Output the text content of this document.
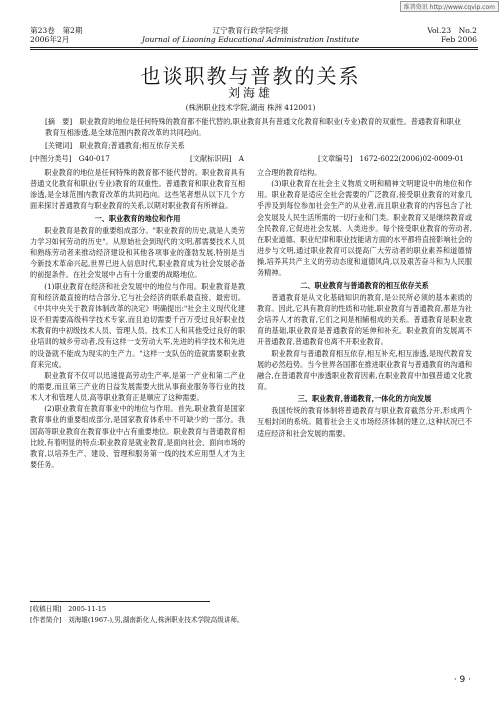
维普资讯 http://www.cqvip.com
第23卷　第2期
2006年2月
辽宁教育行政学院学报
Journal of Liaoning Educational Administration Institute
Vol.23　No.2
Feb 2006
也谈职教与普教的关系
刘海雄
(株洲职业技术学院,湖南 株洲 412001)
[摘　要]　职业教育的地位是任何特殊的教育都不能代替的,职业教育具有普通文化教育和职业(专业)教育的双重性。普通教育和职业教育互相渗透,是全球范围内教育改革的共同趋向。
[关键词]　职业教育;普通教育;相互依存关系
[中图分类号]　G40-017	[文献标识码]　A	[文章编号]　1672-6022(2006)02-0009-01

职业教育的地位是任何特殊的教育都不能代替的。职业教育具有普通文化教育和职业(专业)教育的双重性。普通教育和职业教育互相渗透,是全球范围内教育改革的共同趋向。这些笔者想从以下几个方面来探讨普通教育与职业教育的关系,以期对职业教育有所禅益。

一、职业教育的地位和作用

职业教育是教育的重要组成部分。"职业教育的历史,就是人类劳力学习如何劳动的历史"。从原始社会到现代的文明,都需要技术人员和熟练劳动者来推动经济建设和其他各项事业的蓬勃发展,特别是当今新技术革命兴起,世界已进入信息时代,职业教育成为社会发展必备的前提条件。在社会发展中占有十分重要的战略地位。

(1)职业教育在经济和社会发展中的地位与作用。职业教育是教育和经济最直接的结合部分,它与社会经济的联系最直接、最密切。《中共中央关于教育体制改革的决定》明确提出:"社会主义现代化建设不但需要高级科学技术专家,而且迫切需要千百万受过良好职业技术教育的中初级技术人员、管理人员、技术工人和其他受过良好的职业培训的城乡劳动者,没有这样一支劳动大军,先进的科学技术和先进的设备就不能成为现实的生产力。"这样一支队伍的造就需要职业教育来完成。

职业教育不仅可以迅速提高劳动生产率,是第一产业和第二产业的需要,而且第三产业的日益发展需要大批从事商业服务等行业的技术人才和管理人员,高等职业教育正是顺应了这种需要。

(2)职业教育在教育事业中的地位与作用。首先,职业教育是国家教育事业的重要组成部分,是国家教育体系中不可缺少的一部分。我国高等职业教育在教育事业中占有重要地位。职业教育与普通教育相比较,有着明显的特点:职业教育是就业教育,是面向社会、面向市场的教育,以培养生产、建设、管理和服务第一线的技术应用型人才为主要任务。

立合理的教育结构。

(3)职业教育在社会主义物质文明和精神文明建设中的地位和作用。职业教育是适应全社会需要的广泛教育,接受职业教育的对象几乎涉及到每位参加社会生产的从业者,而且职业教育的内容包含了社会发展及人民生活所需的一切行业和门类。职业教育又是继续教育或全民教育,它促进社会发展、人类进步。每个接受职业教育的劳动者,在职业道德、职业纪律和职业技能诸方面的水平都将直接影响社会的进步与文明,通过职业教育可以提高广大劳动者的职业素养和道德情操,培养其共产主义的劳动态度和道德风尚,以及艰苦奋斗和为人民服务精神。

二、职业教育与普通教育的相互依存关系

普通教育是从文化基础知识的教育,是公民所必须的基本素质的教育。因此,它具有教育的性质和功能,职业教育与普通教育,都是为社会培养人才的教育,它们之间是相辅相成的关系。普通教育是职业教育的基础,职业教育是普通教育的延伸和补充。职业教育的发展离不开普通教育,普通教育也离不开职业教育。

职业教育与普通教育相互依存,相互补充,相互渗透,是现代教育发展的必然趋势。当今世界各国都在推进职业教育与普通教育的沟通和融合,在普通教育中渗透职业教育因素,在职业教育中加强普通文化教育。

三、职业教育,普通教育,一体化的方向发展

我国传统的教育体制将普通教育与职业教育截然分开,形成两个互相封闭的系统。随着社会主义市场经济体制的建立,这种状况已不适应经济和社会发展的需要。

[收稿日期]　2005-11-15
[作者简介]　刘海雄(1967-),男,湖南新化人,株洲职业技术学院高级讲师。
· 9 ·
